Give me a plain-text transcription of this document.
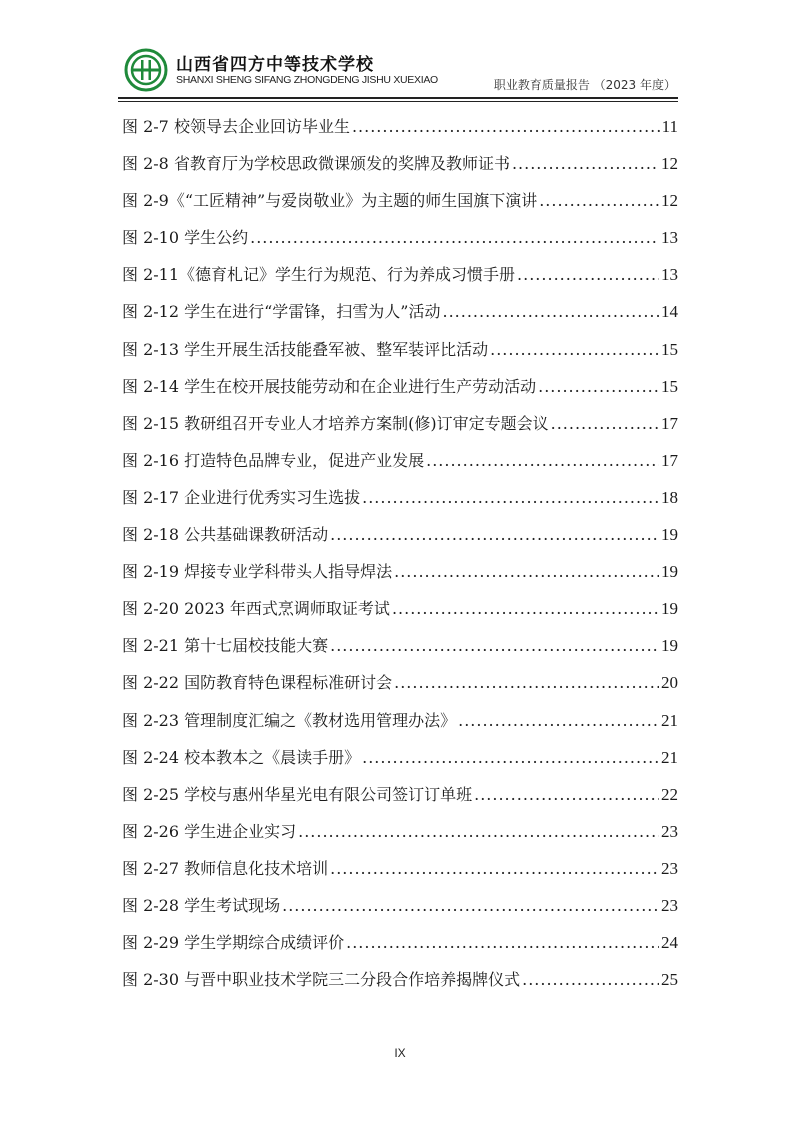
山西省四方中等技术学校
SHANXI SHENG SIFANG ZHONGDENG JISHU XUEXIAO	职业教育质量报告 （2023 年度）
图 2-7 校领导去企业回访毕业生 .....	11
图 2-8 省教育厅为学校思政微课颁发的奖牌及教师证书 .....	12
图 2-9《“工匠精神”与爱岗敬业》为主题的师生国旗下演讲 .....	12
图 2-10 学生公约 .....	13
图 2-11《德育札记》学生行为规范、行为养成习惯手册 .....	13
图 2-12 学生在进行“学雷锋，扫雪为人”活动 .....	14
图 2-13 学生开展生活技能叠军被、整军装评比活动 .....	15
图 2-14 学生在校开展技能劳动和在企业进行生产劳动活动 .....	15
图 2-15 教研组召开专业人才培养方案制(修)订审定专题会议 .....	17
图 2-16 打造特色品牌专业，促进产业发展 .....	17
图 2-17 企业进行优秀实习生选拔 .....	18
图 2-18 公共基础课教研活动 .....	19
图 2-19 焊接专业学科带头人指导焊法 .....	19
图 2-20 2023 年西式烹调师取证考试 .....	19
图 2-21 第十七届校技能大赛 .....	19
图 2-22 国防教育特色课程标准研讨会 .....	20
图 2-23 管理制度汇编之《教材选用管理办法》 .....	21
图 2-24 校本教本之《晨读手册》 .....	21
图 2-25 学校与惠州华星光电有限公司签订订单班 .....	22
图 2-26 学生进企业实习 .....	23
图 2-27 教师信息化技术培训 .....	23
图 2-28 学生考试现场 .....	23
图 2-29 学生学期综合成绩评价 .....	24
图 2-30 与晋中职业技术学院三二分段合作培养揭牌仪式 .....	25
IX
